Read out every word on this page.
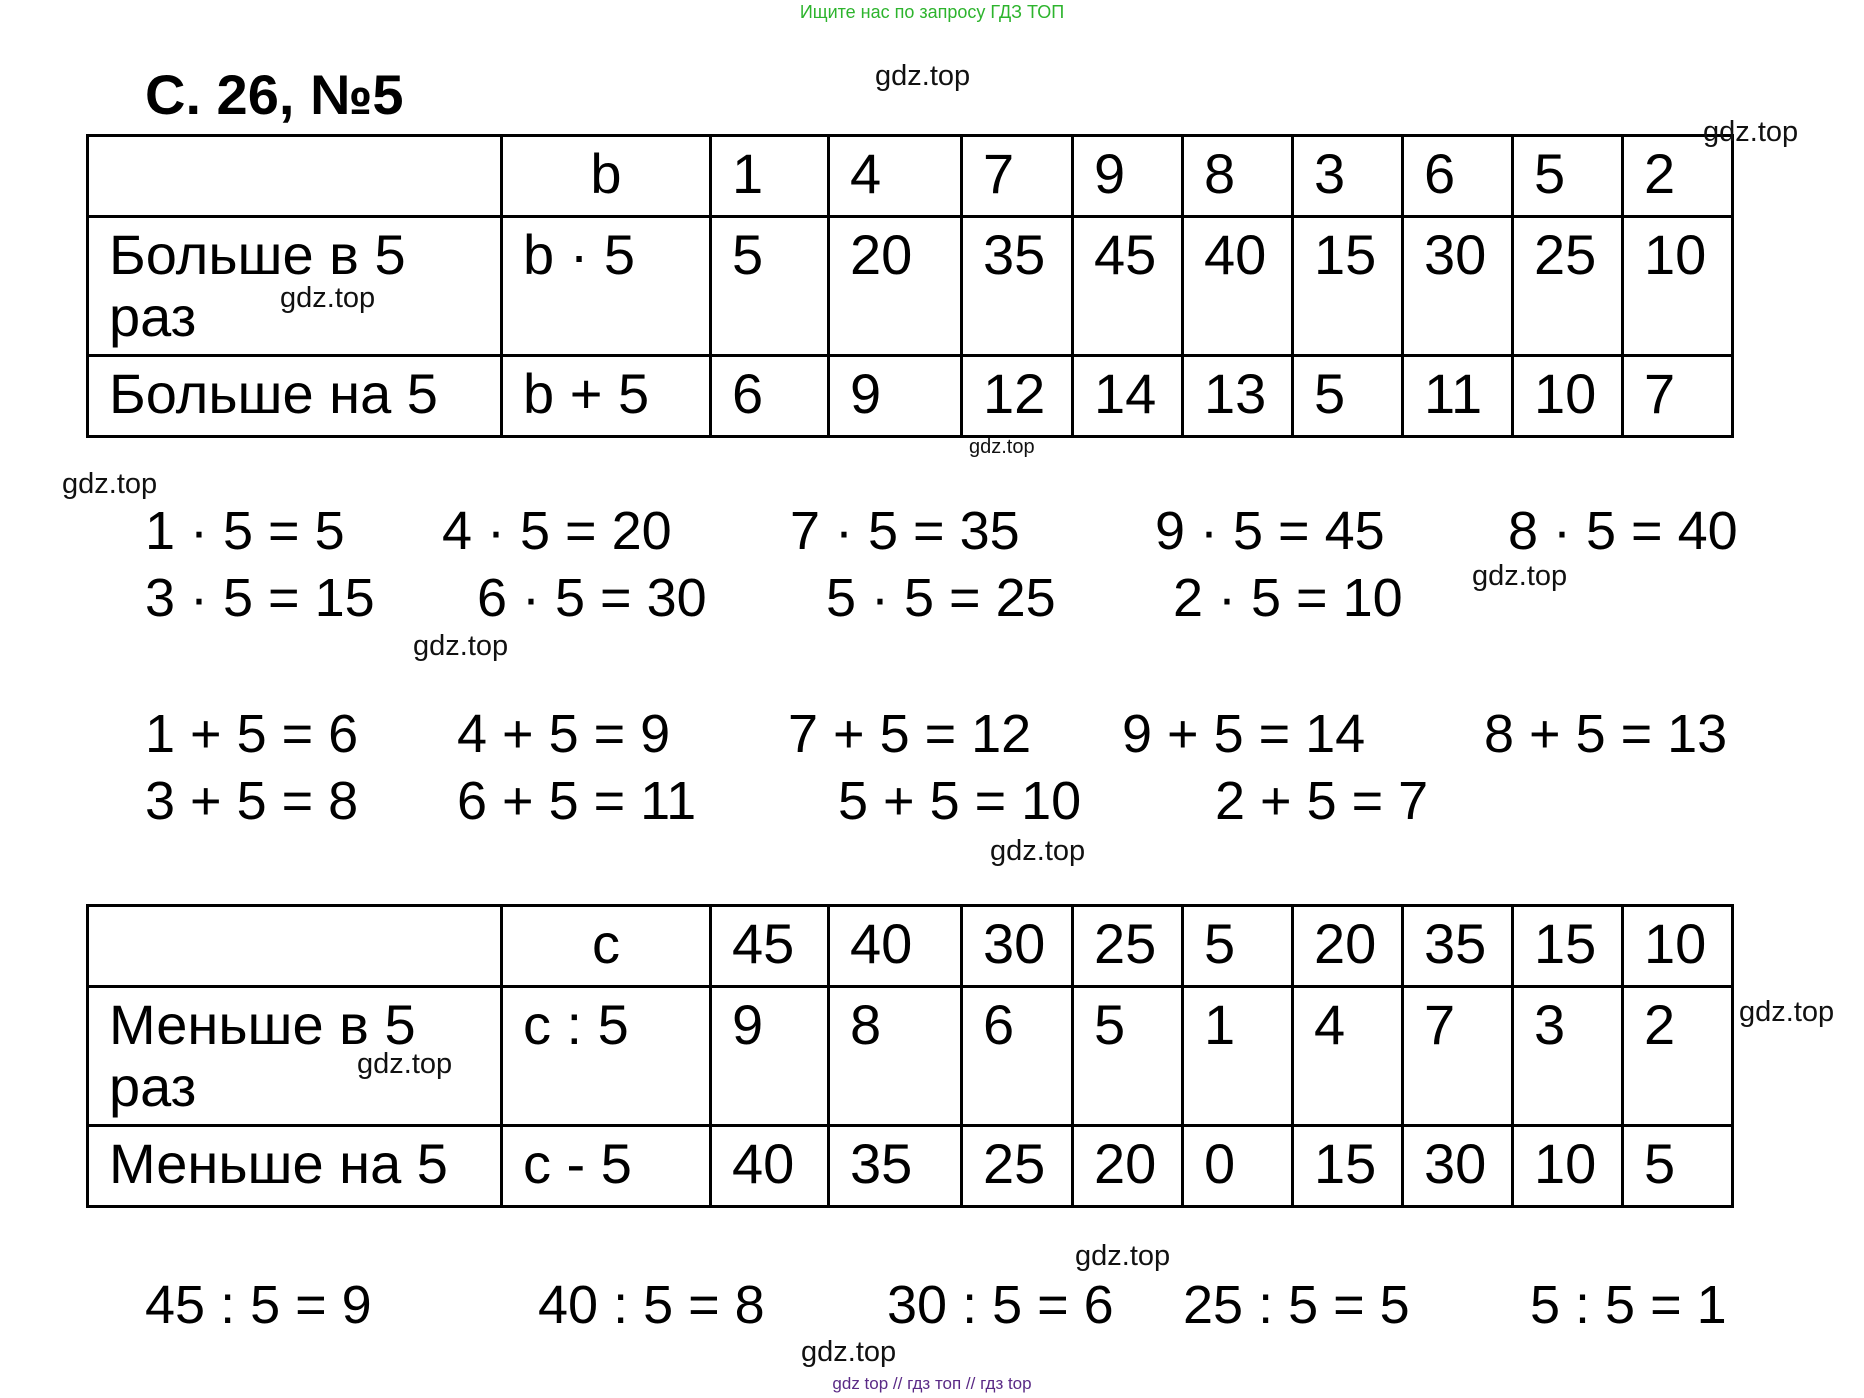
Ищите нас по запросу ГДЗ ТОП
С. 26, №5
	b	1	4	7	9	8	3	6	5	2
Больше в 5 раз	b · 5	5	20	35	45	40	15	30	25	10
Больше на 5	b + 5	6	9	12	14	13	5	11	10	7
1 · 5 = 5 4 · 5 = 20 7 · 5 = 35	9 · 5 = 45 8 · 5 = 40
3 · 5 = 15 6 · 5 = 30 5 · 5 = 25 2 · 5 = 10
1 + 5 = 6 4 + 5 = 9 7 + 5 = 12 9 + 5 = 14 8 + 5 = 13
3 + 5 = 8 6 + 5 = 11	5 + 5 = 10 2 + 5 = 7
	c	45	40	30	25	5	20	35	15	10
Меньше в 5 раз	c : 5	9	8	6	5	1	4	7	3	2
Меньше на 5	c - 5	40	35	25	20	0	15	30	10	5
45 : 5 = 9	40 : 5 = 8 30 : 5 = 6 25 : 5 = 5 5 : 5 = 1
gdz.top
gdz.top
gdz.top
gdz.top
gdz.top
gdz.top
gdz.top
gdz.top
gdz.top
gdz.top
gdz.top
gdz.top
gdz top // гдз топ // гдз top
